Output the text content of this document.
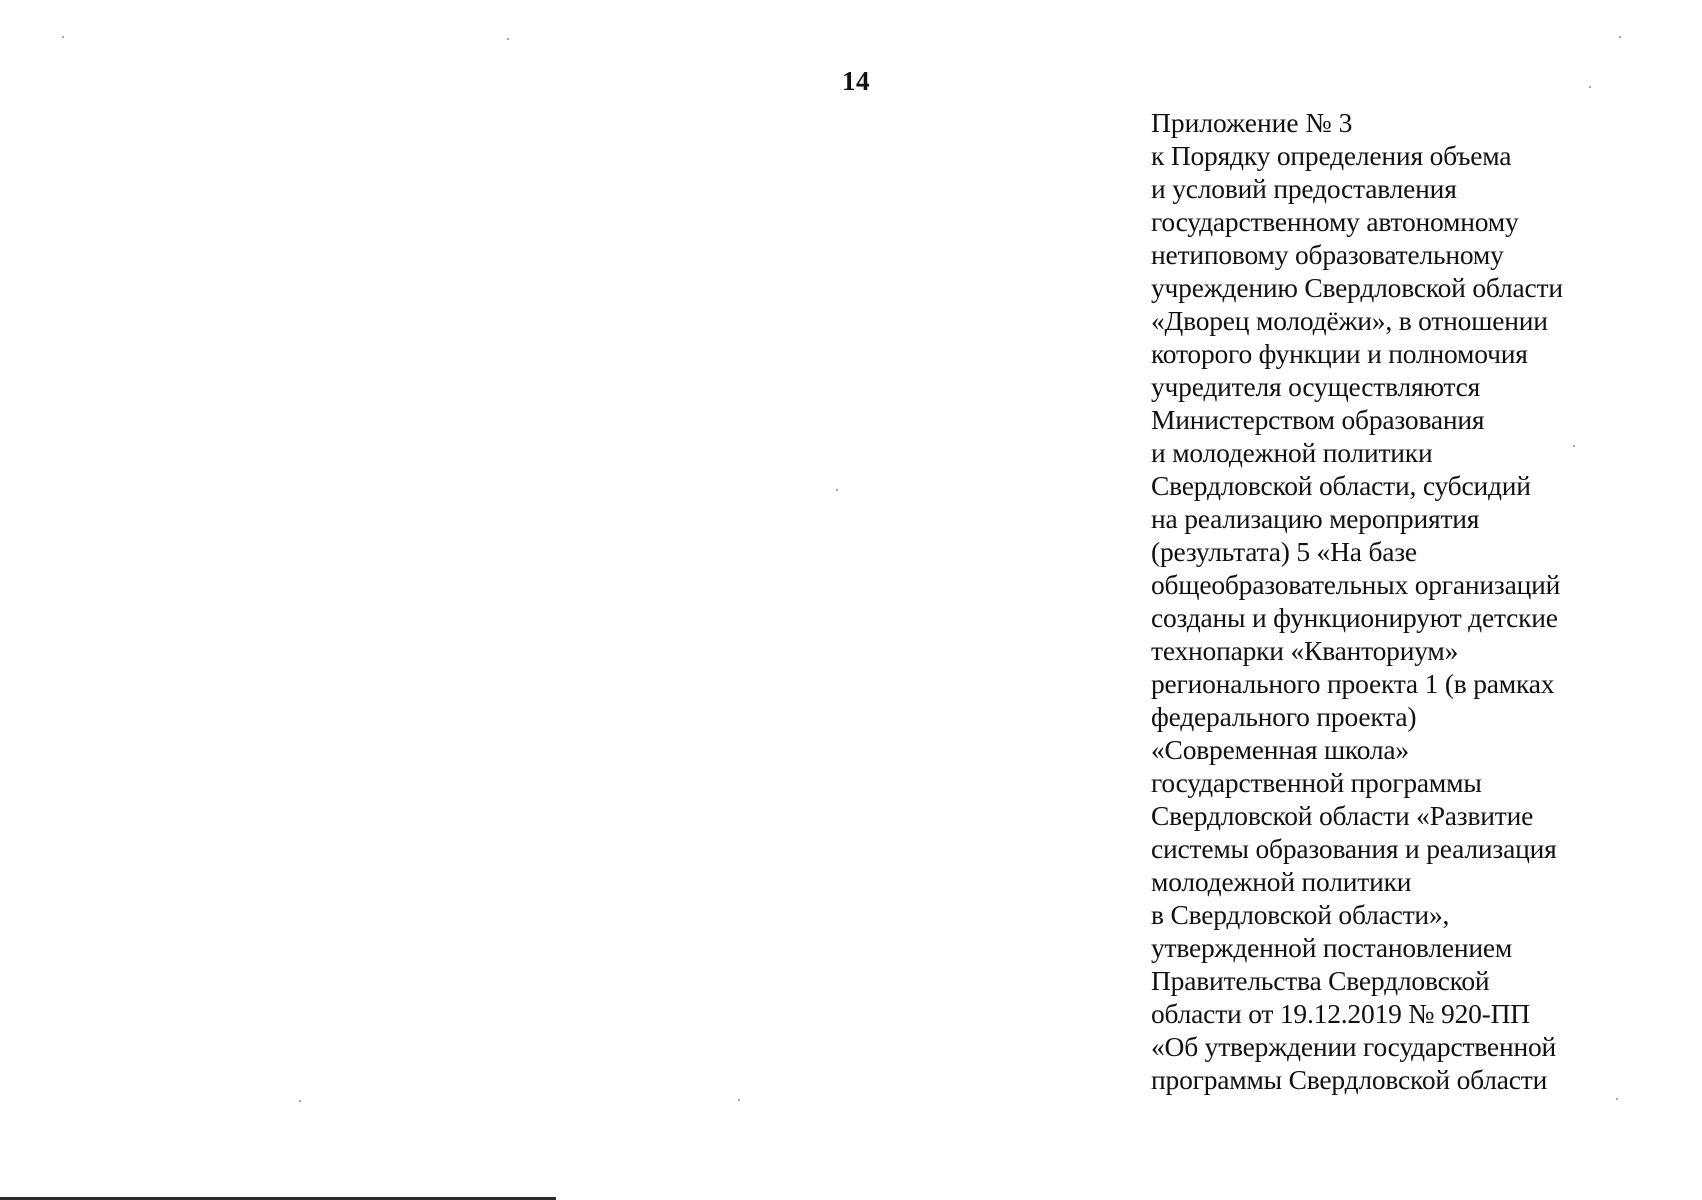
14
Приложение № 3
к Порядку определения объема
и условий предоставления
государственному автономному
нетиповому образовательному
учреждению Свердловской области
«Дворец молодёжи», в отношении
которого функции и полномочия
учредителя осуществляются
Министерством образования
и молодежной политики
Свердловской области, субсидий
на реализацию мероприятия
(результата) 5 «На базе
общеобразовательных организаций
созданы и функционируют детские
технопарки «Кванториум»
регионального проекта 1 (в рамках
федерального проекта)
«Современная школа»
государственной программы
Свердловской области «Развитие
системы образования и реализация
молодежной политики
в Свердловской области»,
утвержденной постановлением
Правительства Свердловской
области от 19.12.2019 № 920-ПП
«Об утверждении государственной
программы Свердловской области
